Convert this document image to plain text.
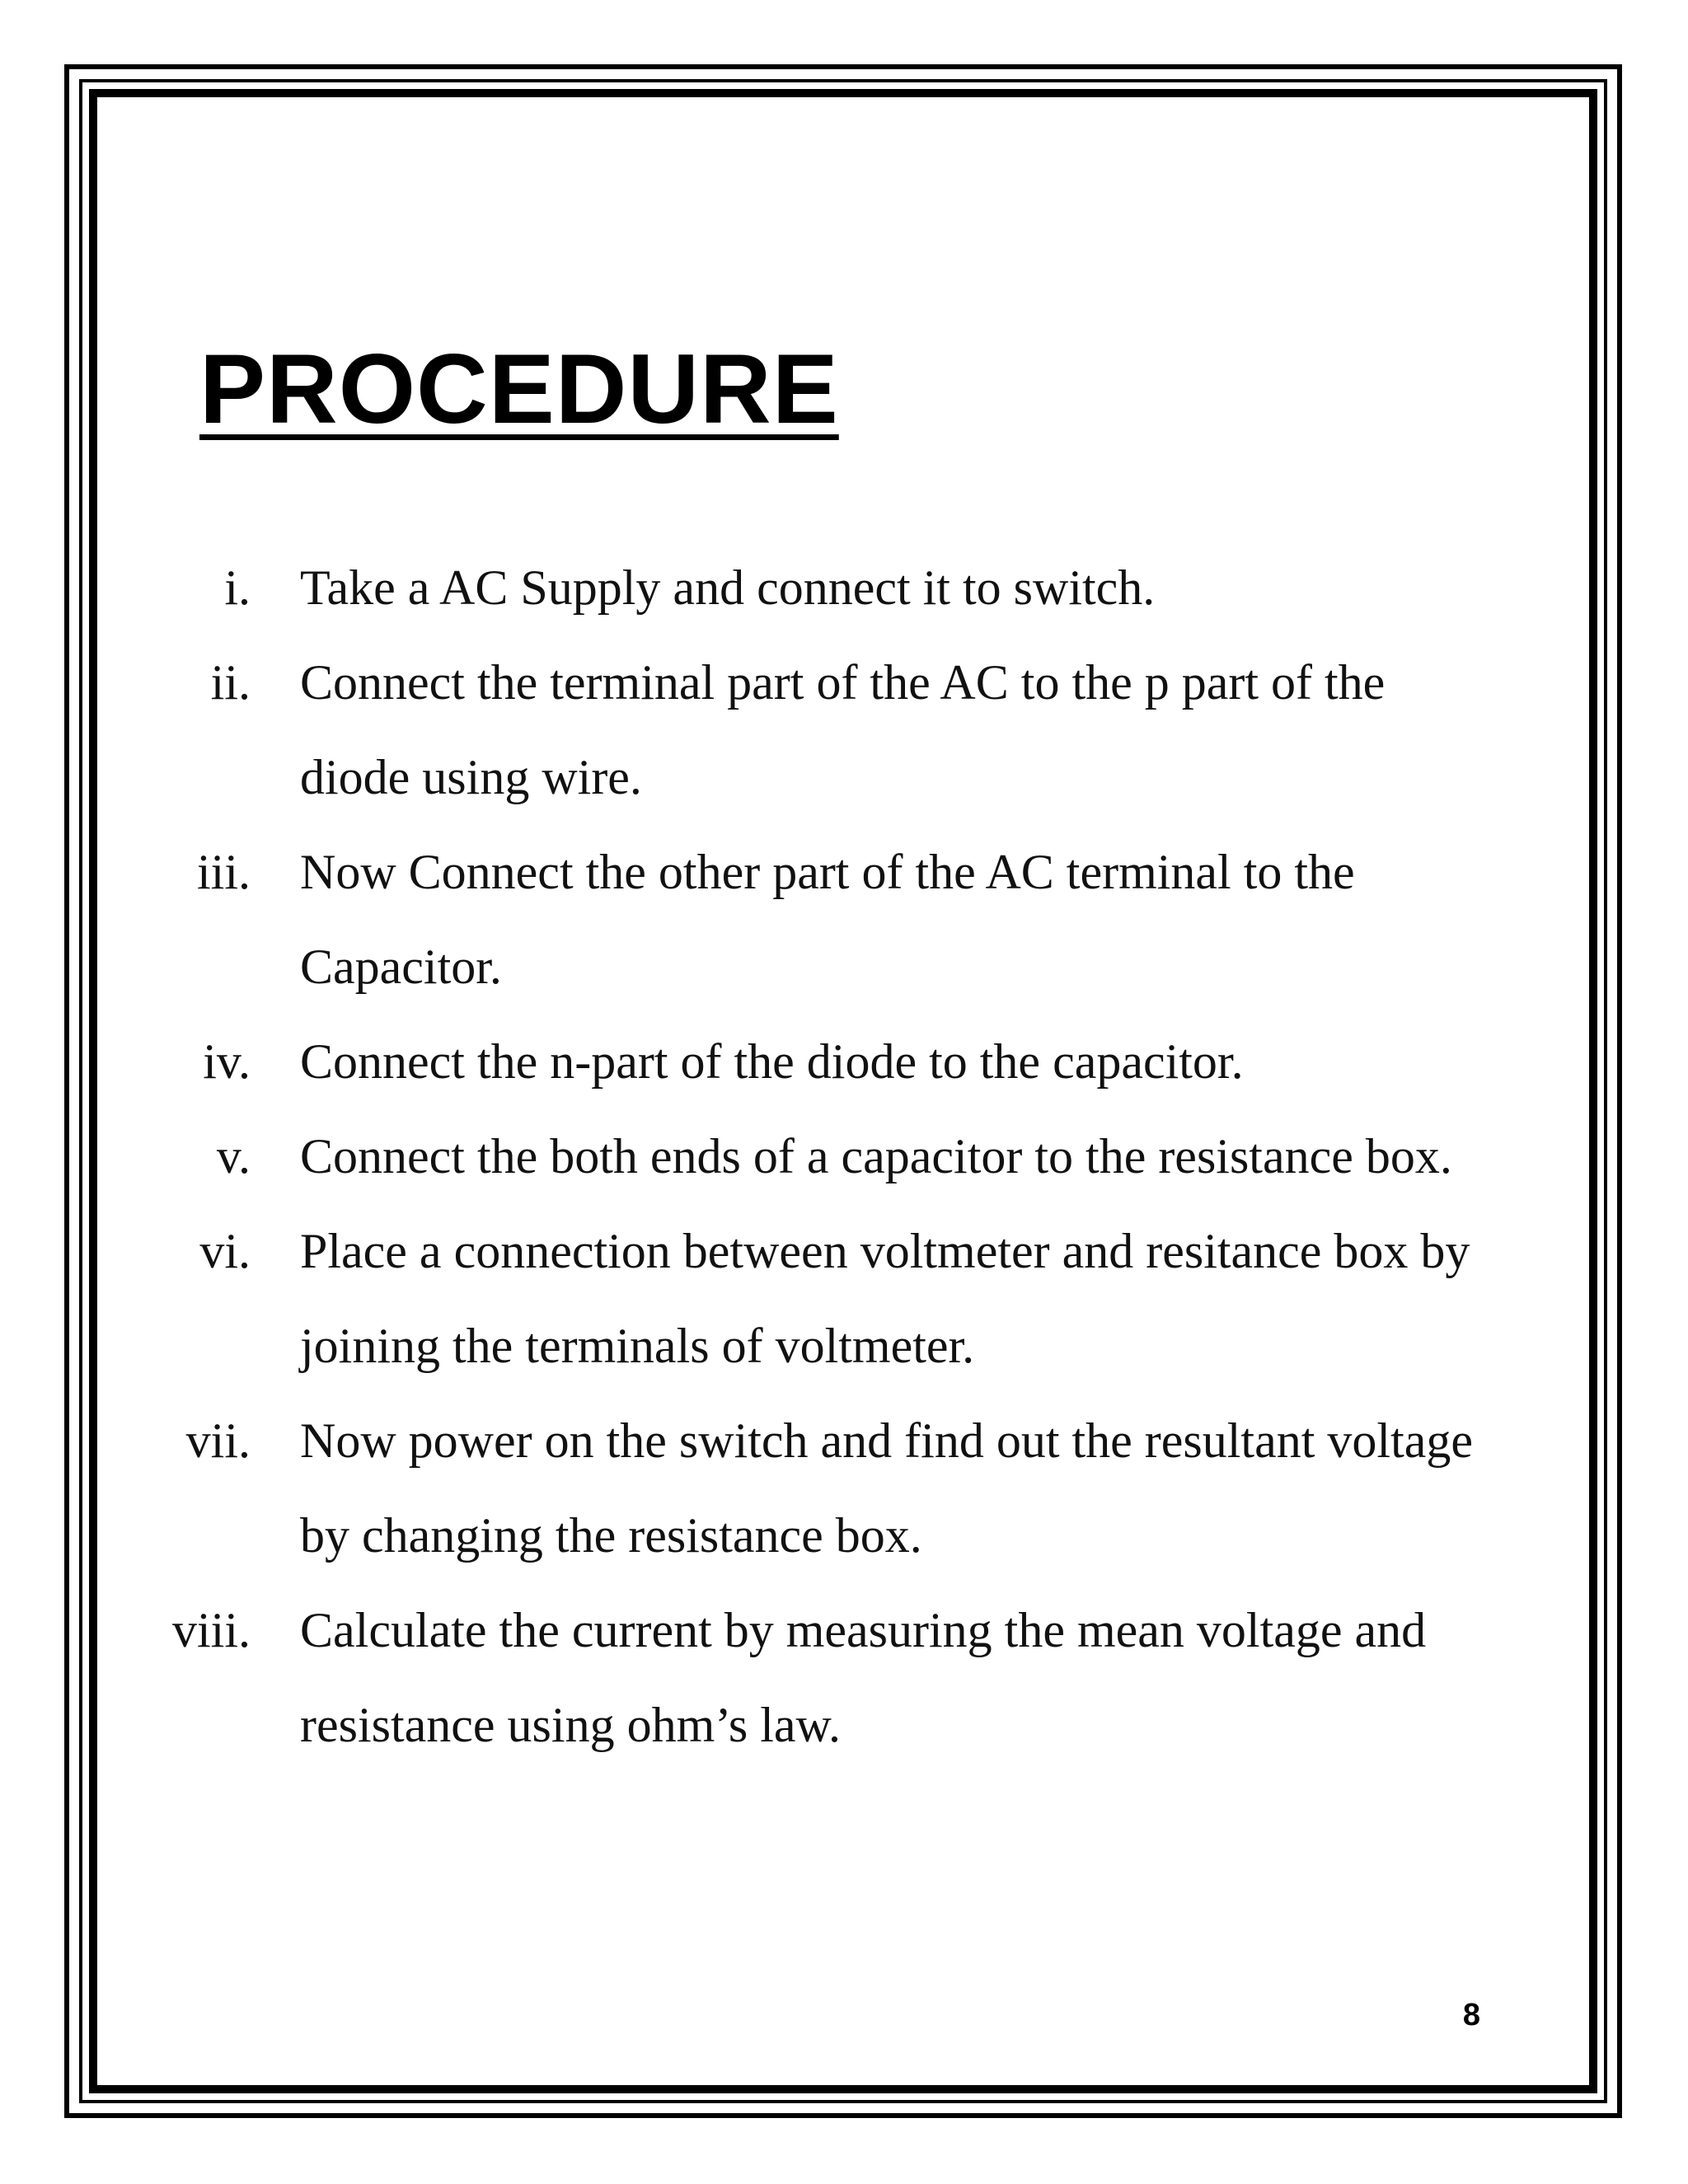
PROCEDURE
i.	Take a AC Supply and connect it to switch.
ii.	Connect the terminal part of the AC to the p part of the diode using wire.
iii.	Now Connect the other part of the AC terminal to the Capacitor.
iv.	Connect the n-part of the diode to the capacitor.
v.	Connect the both ends of a capacitor to the resistance box.
vi.	Place a connection between voltmeter and resitance box by joining the terminals of voltmeter.
vii.	Now power on the switch and find out the resultant voltage by changing the resistance box.
viii.	Calculate the current by measuring the mean voltage and resistance using ohm’s law.
8
